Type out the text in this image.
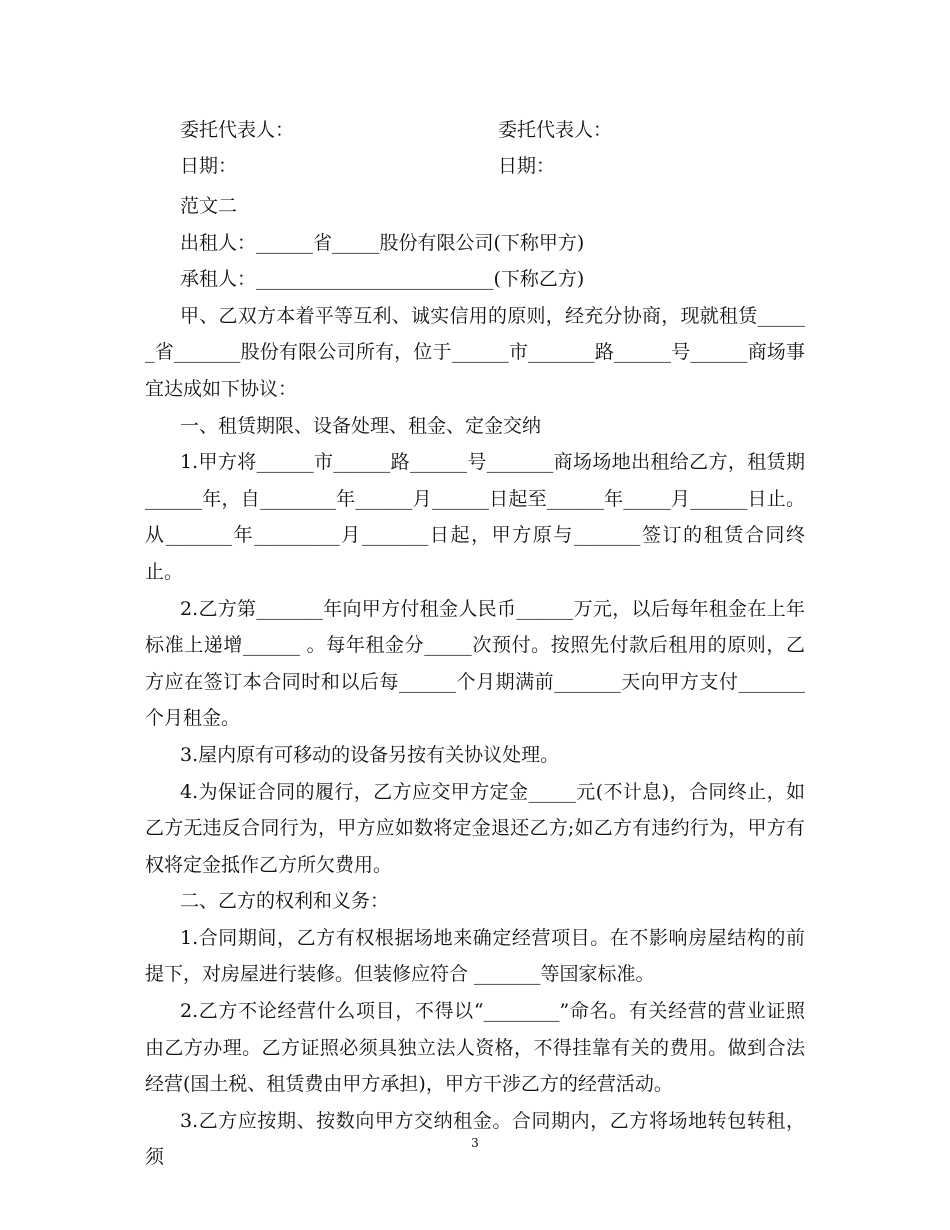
委托代表人：	委托代表人：
日期：	日期：

范文二

出租人：______省_____股份有限公司(下称甲方)

承租人：_________________________(下称乙方)

甲、乙双方本着平等互利、诚实信用的原则，经充分协商，现就租赁______省_______股份有限公司所有，位于______市_______路______号______商场事宜达成如下协议：

一、租赁期限、设备处理、租金、定金交纳

1.甲方将______市______路______号_______商场场地出租给乙方，租赁期______年，自________年______月______日起至______年_____月______日止。从_______年_________月_______日起，甲方原与_______签订的租赁合同终止。

2.乙方第_______年向甲方付租金人民币______万元，以后每年租金在上年标准上递增______ 。每年租金分_____次预付。按照先付款后租用的原则，乙方应在签订本合同时和以后每______个月期满前_______天向甲方支付_______个月租金。

3.屋内原有可移动的设备另按有关协议处理。

4.为保证合同的履行，乙方应交甲方定金_____元(不计息)，合同终止，如乙方无违反合同行为，甲方应如数将定金退还乙方;如乙方有违约行为，甲方有权将定金抵作乙方所欠费用。

二、乙方的权利和义务：

1.合同期间，乙方有权根据场地来确定经营项目。在不影响房屋结构的前提下，对房屋进行装修。但装修应符合 _______等国家标准。

2.乙方不论经营什么项目，不得以“________”命名。有关经营的营业证照由乙方办理。乙方证照必须具独立法人资格，不得挂靠有关的费用。做到合法经营(国土税、租赁费由甲方承担)，甲方干涉乙方的经营活动。

3.乙方应按期、按数向甲方交纳租金。合同期内，乙方将场地转包转租，须

3
